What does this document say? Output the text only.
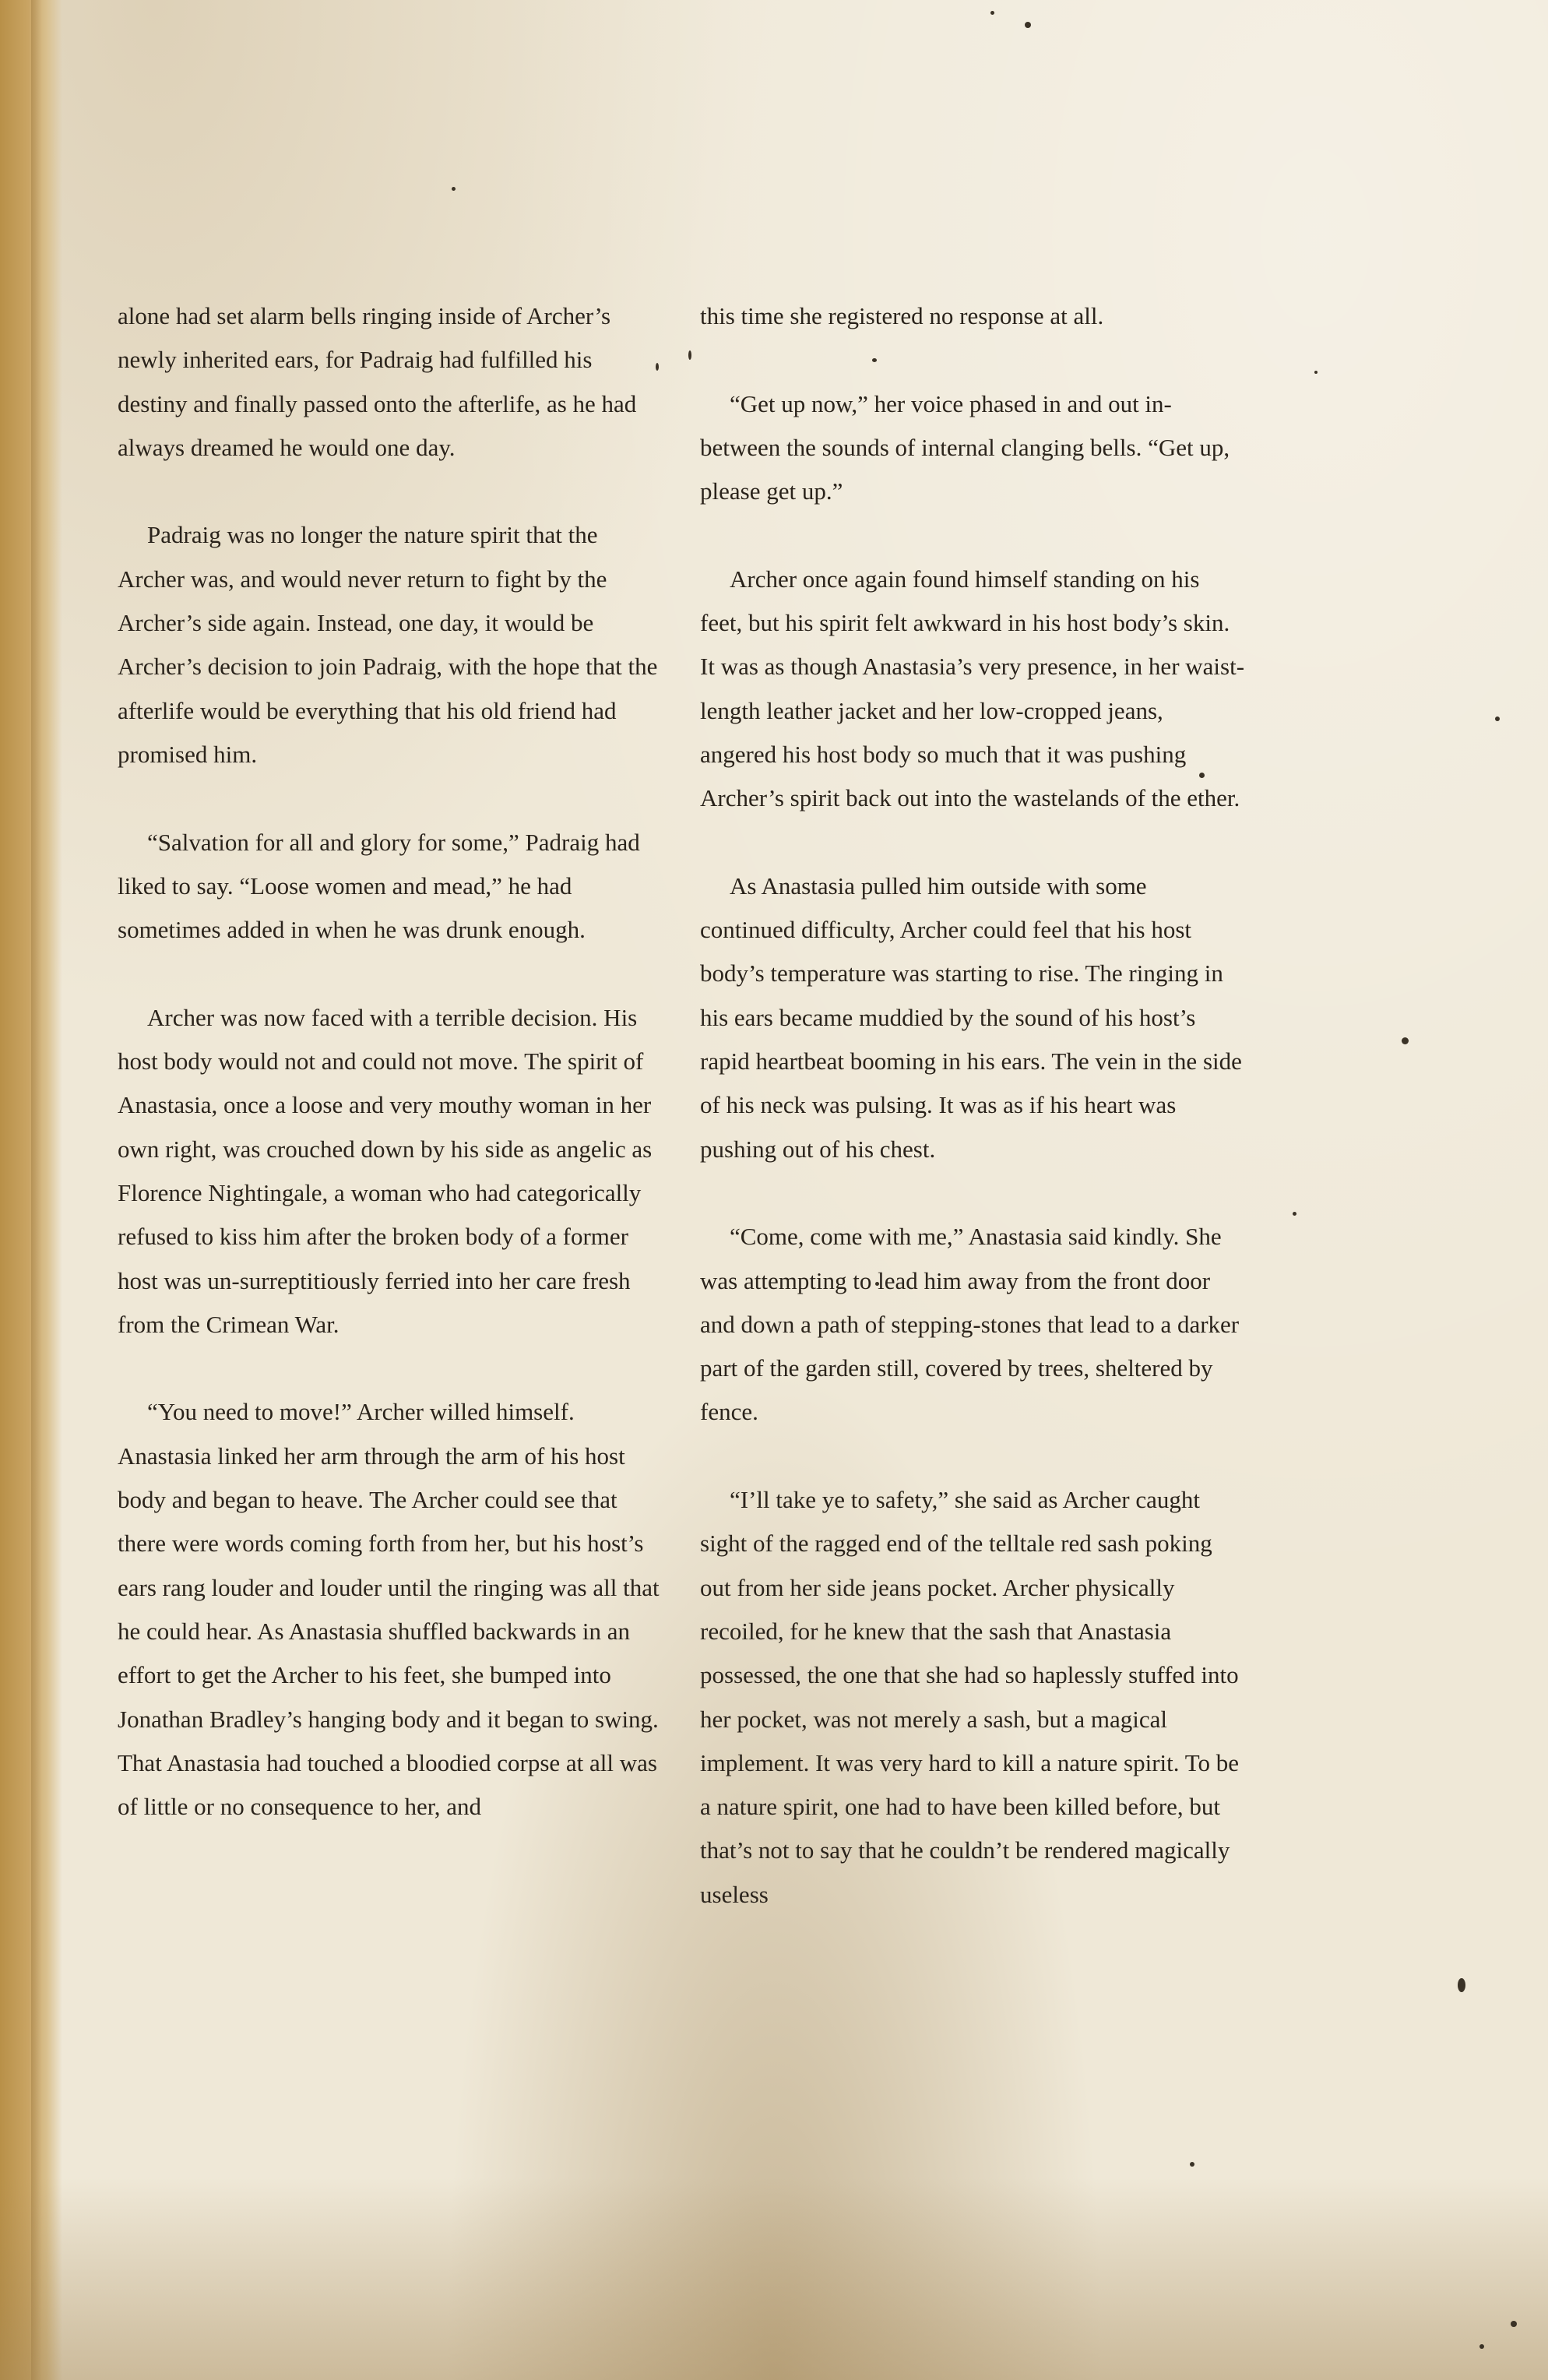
alone had set alarm bells ringing inside of Archer’s newly inherited ears, for Padraig had fulfilled his destiny and finally passed onto the afterlife, as he had always dreamed he would one day.

Padraig was no longer the nature spirit that the Archer was, and would never return to fight by the Archer’s side again. Instead, one day, it would be Archer’s decision to join Padraig, with the hope that the afterlife would be everything that his old friend had promised him.

“Salvation for all and glory for some,” Padraig had liked to say. “Loose women and mead,” he had sometimes added in when he was drunk enough.

Archer was now faced with a terrible decision. His host body would not and could not move. The spirit of Anastasia, once a loose and very mouthy woman in her own right, was crouched down by his side as angelic as Florence Nightingale, a woman who had categorically refused to kiss him after the broken body of a former host was un-surreptitiously ferried into her care fresh from the Crimean War.

“You need to move!” Archer willed himself. Anastasia linked her arm through the arm of his host body and began to heave. The Archer could see that there were words coming forth from her, but his host’s ears rang louder and louder until the ringing was all that he could hear. As Anastasia shuffled backwards in an effort to get the Archer to his feet, she bumped into Jonathan Bradley’s hanging body and it began to swing. That Anastasia had touched a bloodied corpse at all was of little or no consequence to her, and

this time she registered no response at all.

“Get up now,” her voice phased in and out in-between the sounds of internal clanging bells. “Get up, please get up.”

Archer once again found himself standing on his feet, but his spirit felt awkward in his host body’s skin. It was as though Anastasia’s very presence, in her waist-length leather jacket and her low-cropped jeans, angered his host body so much that it was pushing Archer’s spirit back out into the wastelands of the ether.

As Anastasia pulled him outside with some continued difficulty, Archer could feel that his host body’s temperature was starting to rise. The ringing in his ears became muddied by the sound of his host’s rapid heartbeat booming in his ears. The vein in the side of his neck was pulsing. It was as if his heart was pushing out of his chest.

“Come, come with me,” Anastasia said kindly. She was attempting to lead him away from the front door and down a path of stepping-stones that lead to a darker part of the garden still, covered by trees, sheltered by fence.

“I’ll take ye to safety,” she said as Archer caught sight of the ragged end of the telltale red sash poking out from her side jeans pocket. Archer physically recoiled, for he knew that the sash that Anastasia possessed, the one that she had so haplessly stuffed into her pocket, was not merely a sash, but a magical implement. It was very hard to kill a nature spirit. To be a nature spirit, one had to have been killed before, but that’s not to say that he couldn’t be rendered magically useless
